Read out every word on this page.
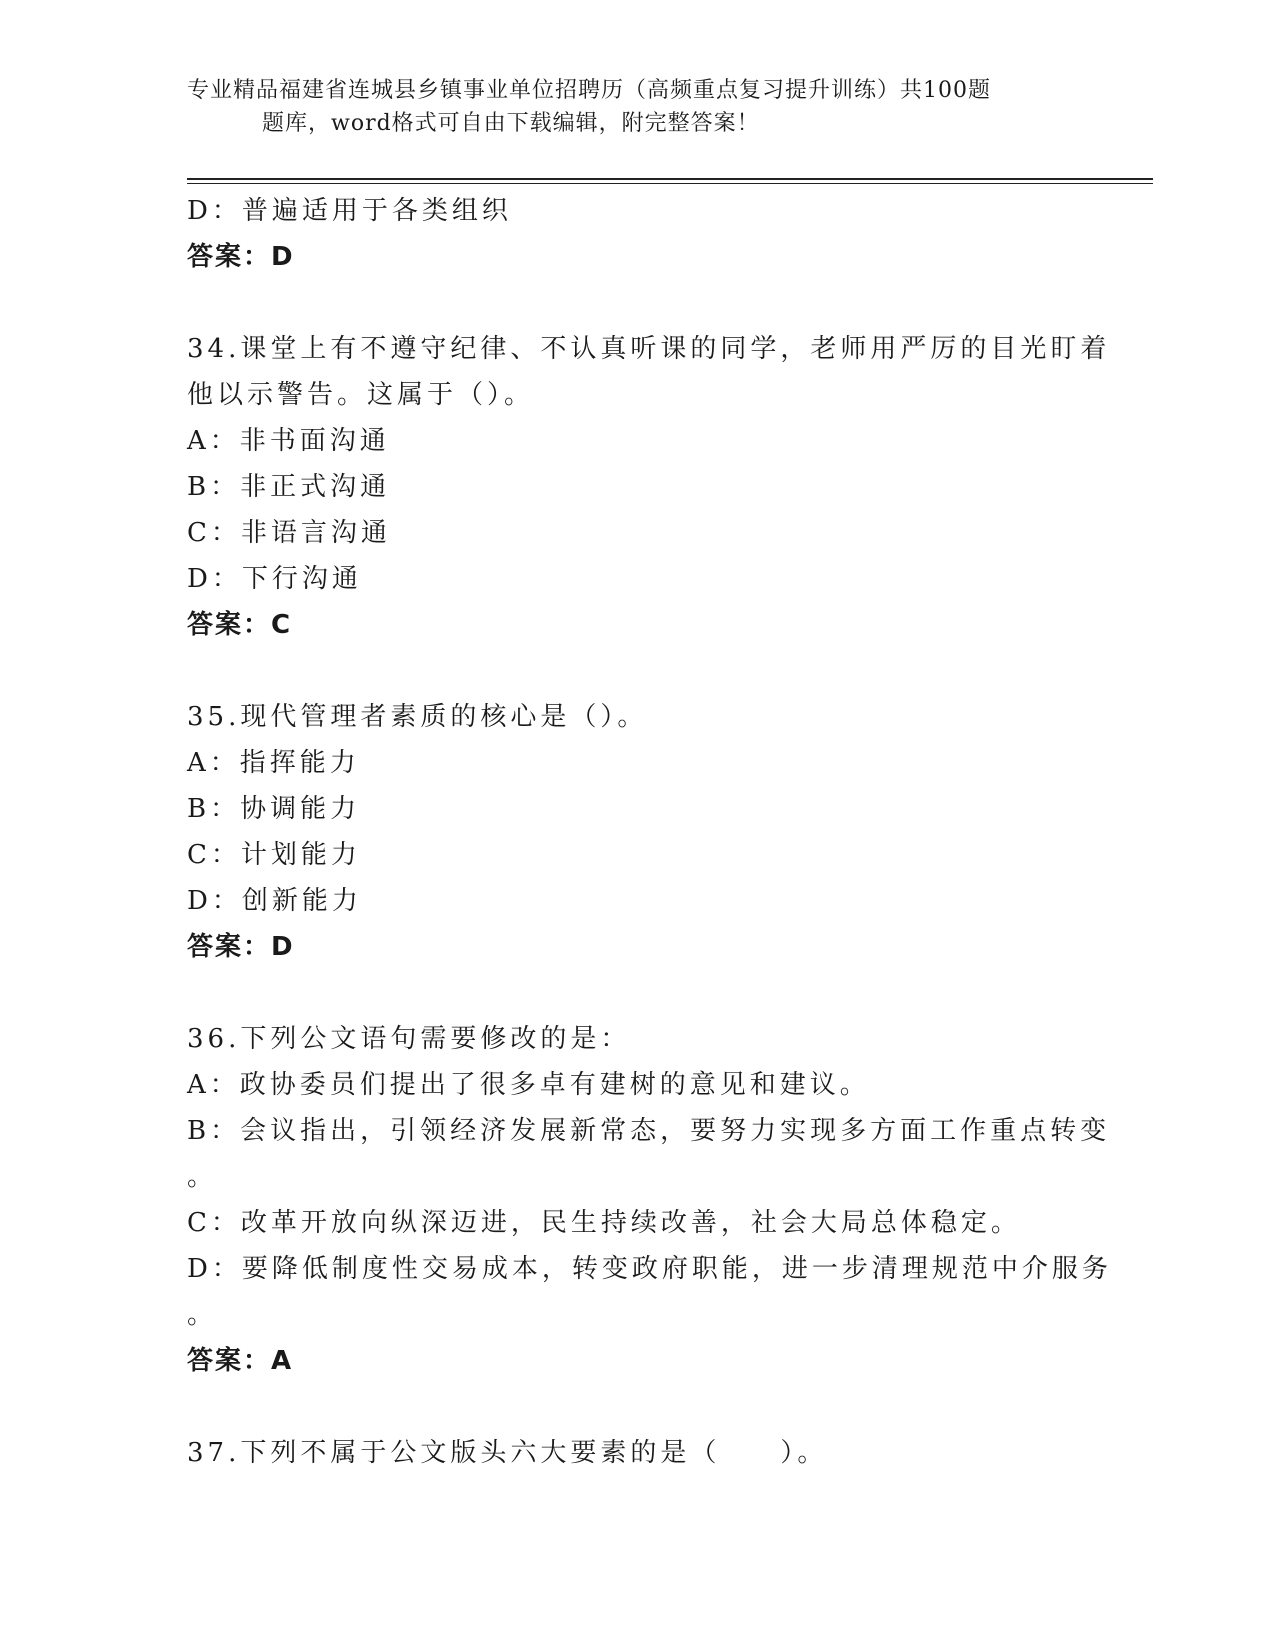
专业精品福建省连城县乡镇事业单位招聘历（高频重点复习提升训练）共100题
题库，word格式可自由下载编辑，附完整答案！
D：普遍适用于各类组织
答案：D
34.课堂上有不遵守纪律、不认真听课的同学，老师用严厉的目光盯着
他以示警告。这属于（）。
A：非书面沟通
B：非正式沟通
C：非语言沟通
D：下行沟通
答案：C
35.现代管理者素质的核心是（）。
A：指挥能力
B：协调能力
C：计划能力
D：创新能力
答案：D
36.下列公文语句需要修改的是：
A：政协委员们提出了很多卓有建树的意见和建议。
B：会议指出，引领经济发展新常态，要努力实现多方面工作重点转变
。
C：改革开放向纵深迈进，民生持续改善，社会大局总体稳定。
D：要降低制度性交易成本，转变政府职能，进一步清理规范中介服务
。
答案：A
37.下列不属于公文版头六大要素的是（　　）。
